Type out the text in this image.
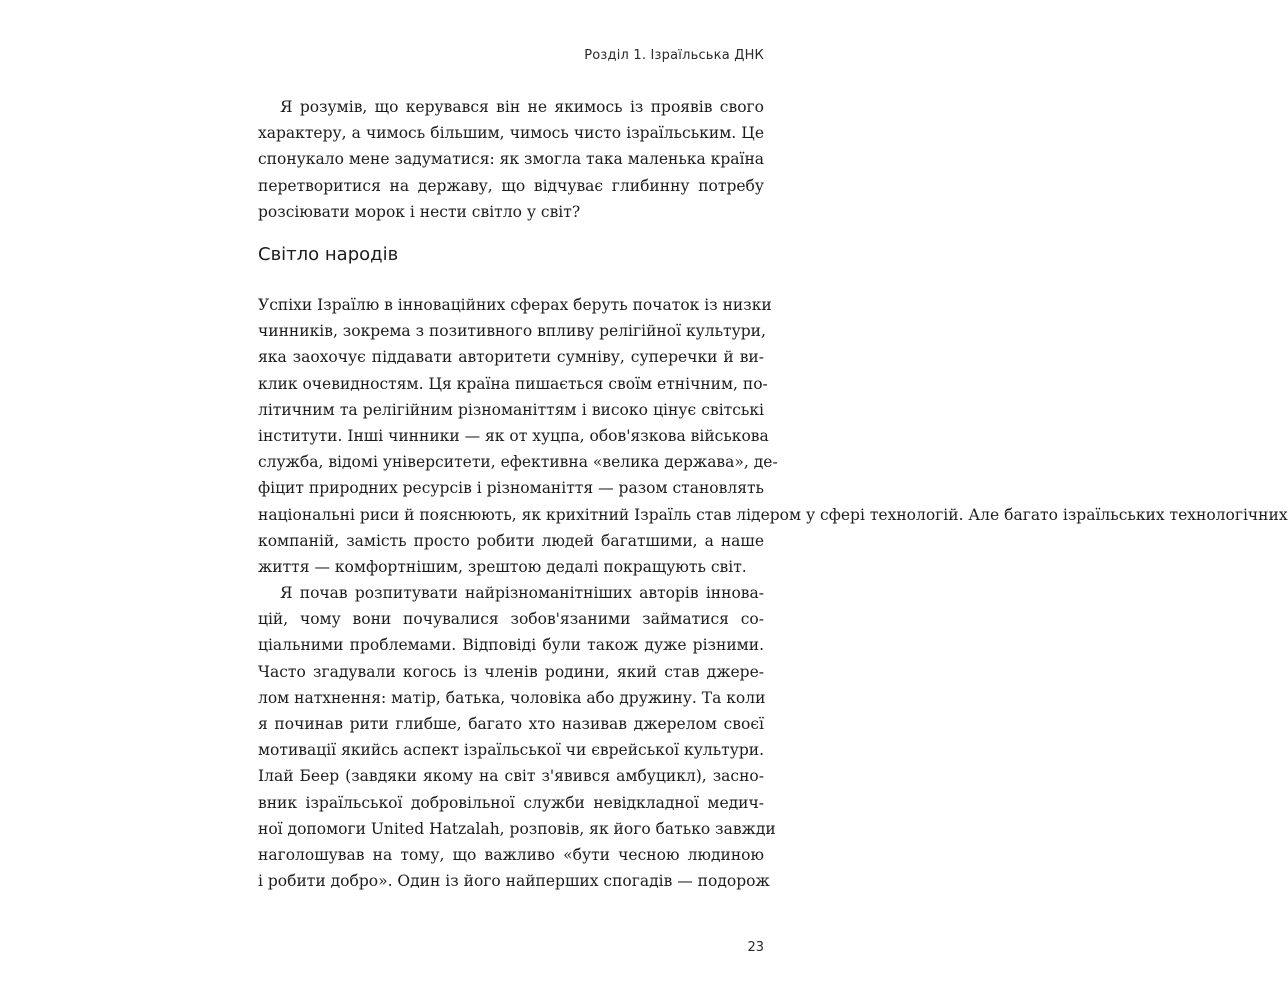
Розділ 1. Ізраїльська ДНК
Я розумів, що керувався він не якимось із проявів свого
характеру, а чимось більшим, чимось чисто ізраїльським. Це
спонукало мене задуматися: як змогла така маленька країна
перетворитися на державу, що відчуває глибинну потребу
розсіювати морок і нести світло у світ?
Світло народів
Успіхи Ізраїлю в інноваційних сферах беруть початок із низки
чинників, зокрема з позитивного впливу релігійної культури,
яка заохочує піддавати авторитети сумніву, суперечки й ви-
клик очевидностям. Ця країна пишається своїм етнічним, по-
літичним та релігійним різноманіттям і високо цінує світські
інститути. Інші чинники — як от хуцпа, обов'язкова військова
служба, відомі університети, ефективна «велика держава», де-
фіцит природних ресурсів і різноманіття — разом становлять
національні риси й пояснюють, як крихітний Ізраїль став лідером у сфері технологій. Але багато ізраїльських технологічних
компаній, замість просто робити людей багатшими, а наше
життя — комфортнішим, зрештою дедалі покращують світ.
Я почав розпитувати найрізноманітніших авторів іннова-
цій, чому вони почувалися зобов'язаними займатися со-
ціальними проблемами. Відповіді були також дуже різними.
Часто згадували когось із членів родини, який став джере-
лом натхнення: матір, батька, чоловіка або дружину. Та коли
я починав рити глибше, багато хто називав джерелом своєї
мотивації якийсь аспект ізраїльської чи єврейської культури.
Ілай Беер (завдяки якому на світ з'явився амбуцикл), засно-
вник ізраїльської добровільної служби невідкладної медич-
ної допомоги United Hatzalah, розповів, як його батько завжди
наголошував на тому, що важливо «бути чесною людиною
і робити добро». Один із його найперших спогадів — подорож
23
